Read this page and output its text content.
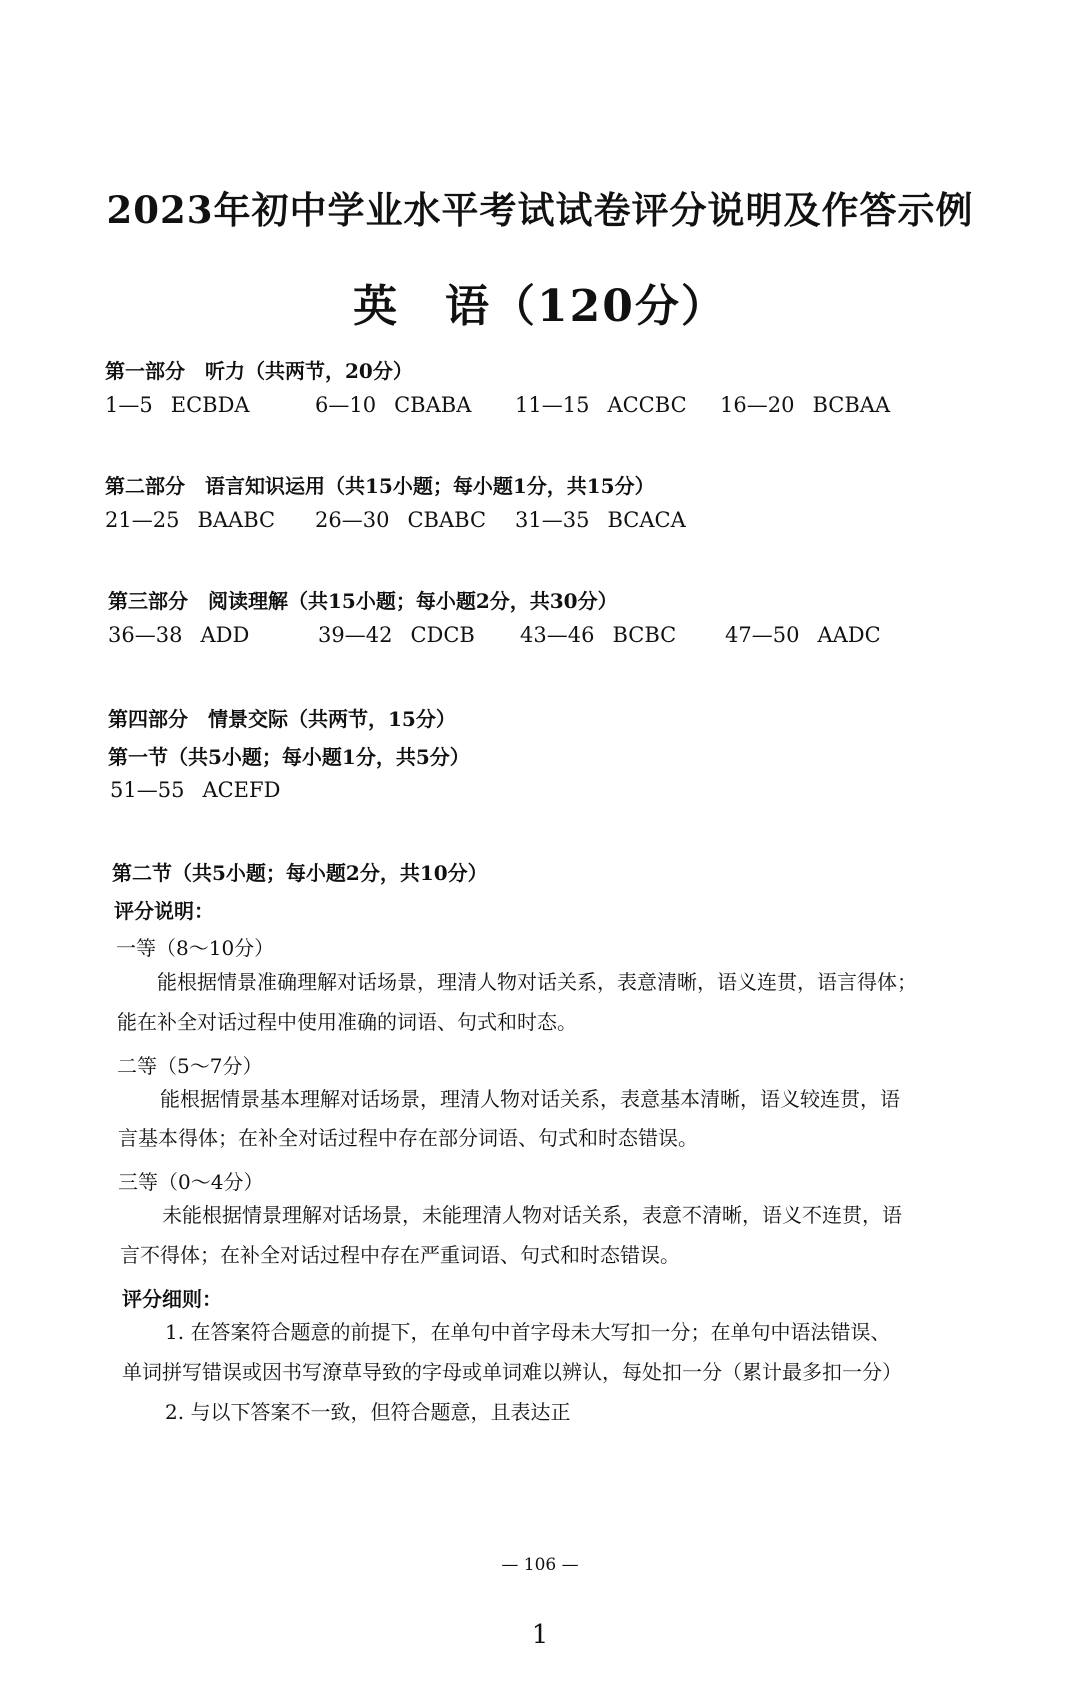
2023年初中学业水平考试试卷评分说明及作答示例
英　语（120分）
第一部分　听力（共两节，20分）
1—5 ECBDA	6—10 CBABA 11—15 ACCBC 16—20 BCBAA
第二部分　语言知识运用（共15小题；每小题1分，共15分）
21—25 BAABC 26—30 CBABC 31—35 BCACA
第三部分　阅读理解（共15小题；每小题2分，共30分）
36—38 ADD	39—42 CDCB 43—46 BCBC 47—50 AADC
第四部分　情景交际（共两节，15分）
第一节（共5小题；每小题1分，共5分）
51—55 ACEFD
第二节（共5小题；每小题2分，共10分）
评分说明：
一等（8～10分）
能根据情景准确理解对话场景，理清人物对话关系，表意清晰，语义连贯，语言得体；
能在补全对话过程中使用准确的词语、句式和时态。
二等（5～7分）
能根据情景基本理解对话场景，理清人物对话关系，表意基本清晰，语义较连贯，语
言基本得体；在补全对话过程中存在部分词语、句式和时态错误。
三等（0～4分）
未能根据情景理解对话场景，未能理清人物对话关系，表意不清晰，语义不连贯，语
言不得体；在补全对话过程中存在严重词语、句式和时态错误。
评分细则：
1. 在答案符合题意的前提下，在单句中首字母未大写扣一分；在单句中语法错误、
单词拼写错误或因书写潦草导致的字母或单词难以辨认，每处扣一分（累计最多扣一分）
2. 与以下答案不一致，但符合题意，且表达正
— 106 —
1
